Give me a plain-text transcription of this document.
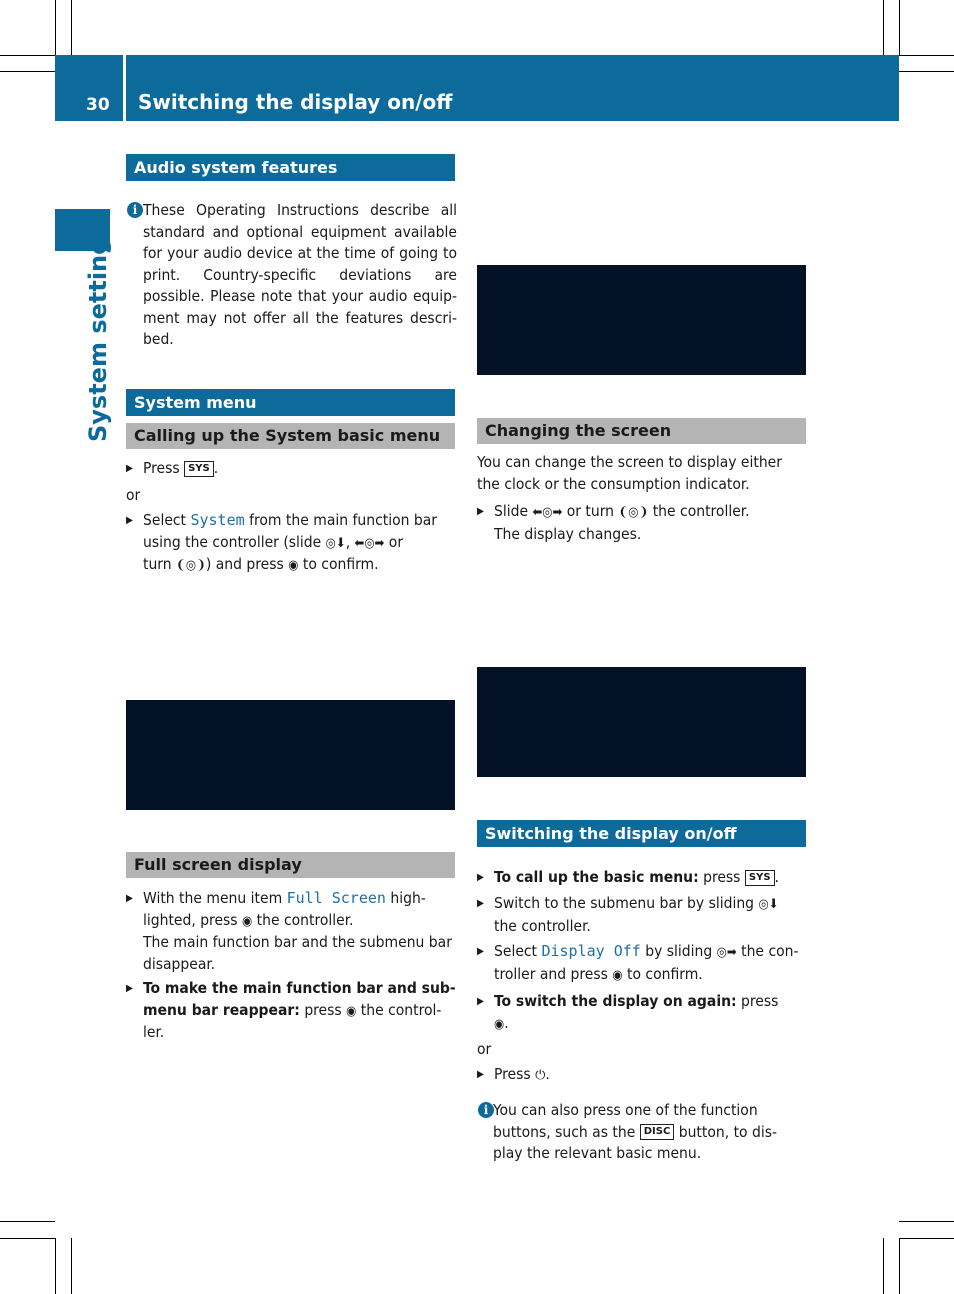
30 Switching the display on/off
System settings
Audio system features
i These Operating Instructions describe all standard and optional equipment available for your audio device at the time of going to print. Country-specific deviations are possible. Please note that your audio equip-ment may not offer all the features descri-bed.
System menu
Calling up the System basic menu
▶ Press SYS .
or
▶ Select System from the main function bar
using the controller (slide ◎⬇, ⬅◎➡ or
turn ❨◎❩) and press ◉ to confirm.
Full screen display
▶ With the menu item Full Screen high-
lighted, press ◉ the controller.
The main function bar and the submenu bar
disappear.
▶ To make the main function bar and sub-
menu bar reappear: press ◉ the control-
ler.
Changing the screen
You can change the screen to display either the clock or the consumption indicator.
▶ Slide ⬅◎➡ or turn ❨◎❩ the controller.
The display changes.
Switching the display on/off
▶ To call up the basic menu: press SYS .
▶ Switch to the submenu bar by sliding ◎⬇
the controller.
▶ Select Display Off by sliding ◎➡ the con-
troller and press ◉ to confirm.
▶ To switch the display on again: press
◉.
or
▶ Press ⏻.
i You can also press one of the function
buttons, such as the DISC button, to dis-
play the relevant basic menu.
